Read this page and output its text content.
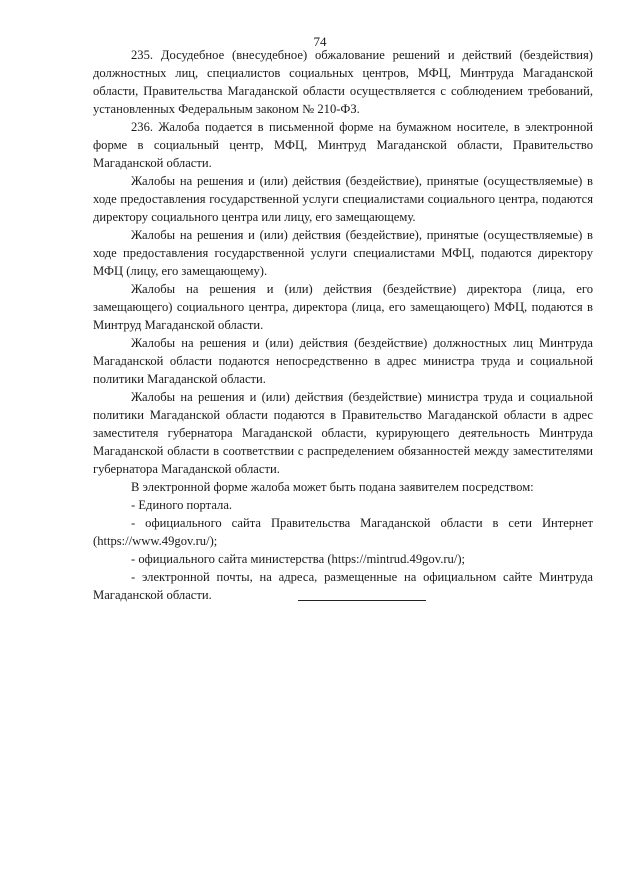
74

235. Досудебное (внесудебное) обжалование решений и действий (бездействия) должностных лиц, специалистов социальных центров, МФЦ, Минтруда Магаданской области, Правительства Магаданской области осуществляется с соблюдением требований, установленных Федеральным законом № 210-ФЗ.

236. Жалоба подается в письменной форме на бумажном носителе, в электронной форме в социальный центр, МФЦ, Минтруд Магаданской области, Правительство Магаданской области.

Жалобы на решения и (или) действия (бездействие), принятые (осуществляемые) в ходе предоставления государственной услуги специалистами социального центра, подаются директору социального центра или лицу, его замещающему.

Жалобы на решения и (или) действия (бездействие), принятые (осуществляемые) в ходе предоставления государственной услуги специалистами МФЦ, подаются директору МФЦ (лицу, его замещающему).

Жалобы на решения и (или) действия (бездействие) директора (лица, его замещающего) социального центра, директора (лица, его замещающего) МФЦ, подаются в Минтруд Магаданской области.

Жалобы на решения и (или) действия (бездействие) должностных лиц Минтруда Магаданской области подаются непосредственно в адрес министра труда и социальной политики Магаданской области.

Жалобы на решения и (или) действия (бездействие) министра труда и социальной политики Магаданской области подаются в Правительство Магаданской области в адрес заместителя губернатора Магаданской области, курирующего деятельность Минтруда Магаданской области в соответствии с распределением обязанностей между заместителями губернатора Магаданской области.

В электронной форме жалоба может быть подана заявителем посредством:

- Единого портала.

- официального сайта Правительства Магаданской области в сети Интернет (https://www.49gov.ru/);

- официального сайта министерства (https://mintrud.49gov.ru/);

- электронной почты, на адреса, размещенные на официальном сайте Минтруда Магаданской области.
